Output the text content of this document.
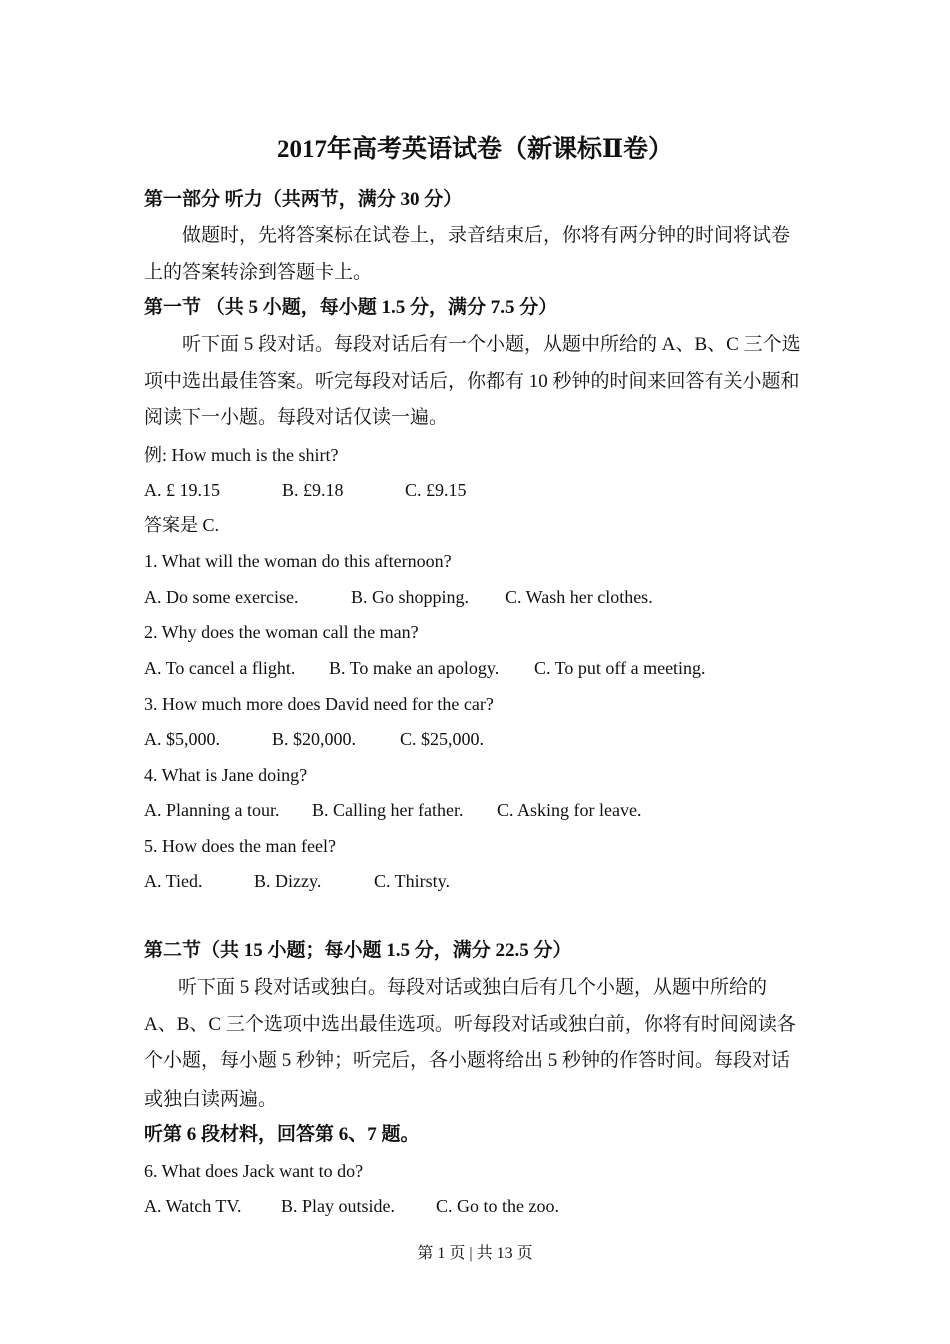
2017年高考英语试卷（新课标Ⅱ卷）
第一部分 听力（共两节，满分 30 分）
做题时，先将答案标在试卷上，录音结束后，你将有两分钟的时间将试卷
上的答案转涂到答题卡上。
第一节 （共 5 小题，每小题 1.5 分，满分 7.5 分）
听下面 5 段对话。每段对话后有一个小题，从题中所给的 A、B、C 三个选
项中选出最佳答案。听完每段对话后，你都有 10 秒钟的时间来回答有关小题和
阅读下一小题。每段对话仅读一遍。
例: How much is the shirt?
A. £ 19.15	B. £9.18	C. £9.15
答案是 C.
1. What will the woman do this afternoon?
A. Do some exercise.	B. Go shopping. C. Wash her clothes.
2. Why does the woman call the man?
A. To cancel a flight. B. To make an apology. C. To put off a meeting.
3. How much more does David need for the car?
A. $5,000.	B. $20,000. C. $25,000.
4. What is Jane doing?
A. Planning a tour. B. Calling her father. C. Asking for leave.
5. How does the man feel?
A. Tied.	B. Dizzy.	C. Thirsty.
第二节（共 15 小题；每小题 1.5 分，满分 22.5 分）
听下面 5 段对话或独白。每段对话或独白后有几个小题，从题中所给的
A、B、C 三个选项中选出最佳选项。听每段对话或独白前，你将有时间阅读各
个小题，每小题 5 秒钟；听完后，各小题将给出 5 秒钟的作答时间。每段对话
或独白读两遍。
听第 6 段材料，回答第 6、7 题。
6. What does Jack want to do?
A. Watch TV. B. Play outside. C. Go to the zoo.
第 1 页 | 共 13 页
